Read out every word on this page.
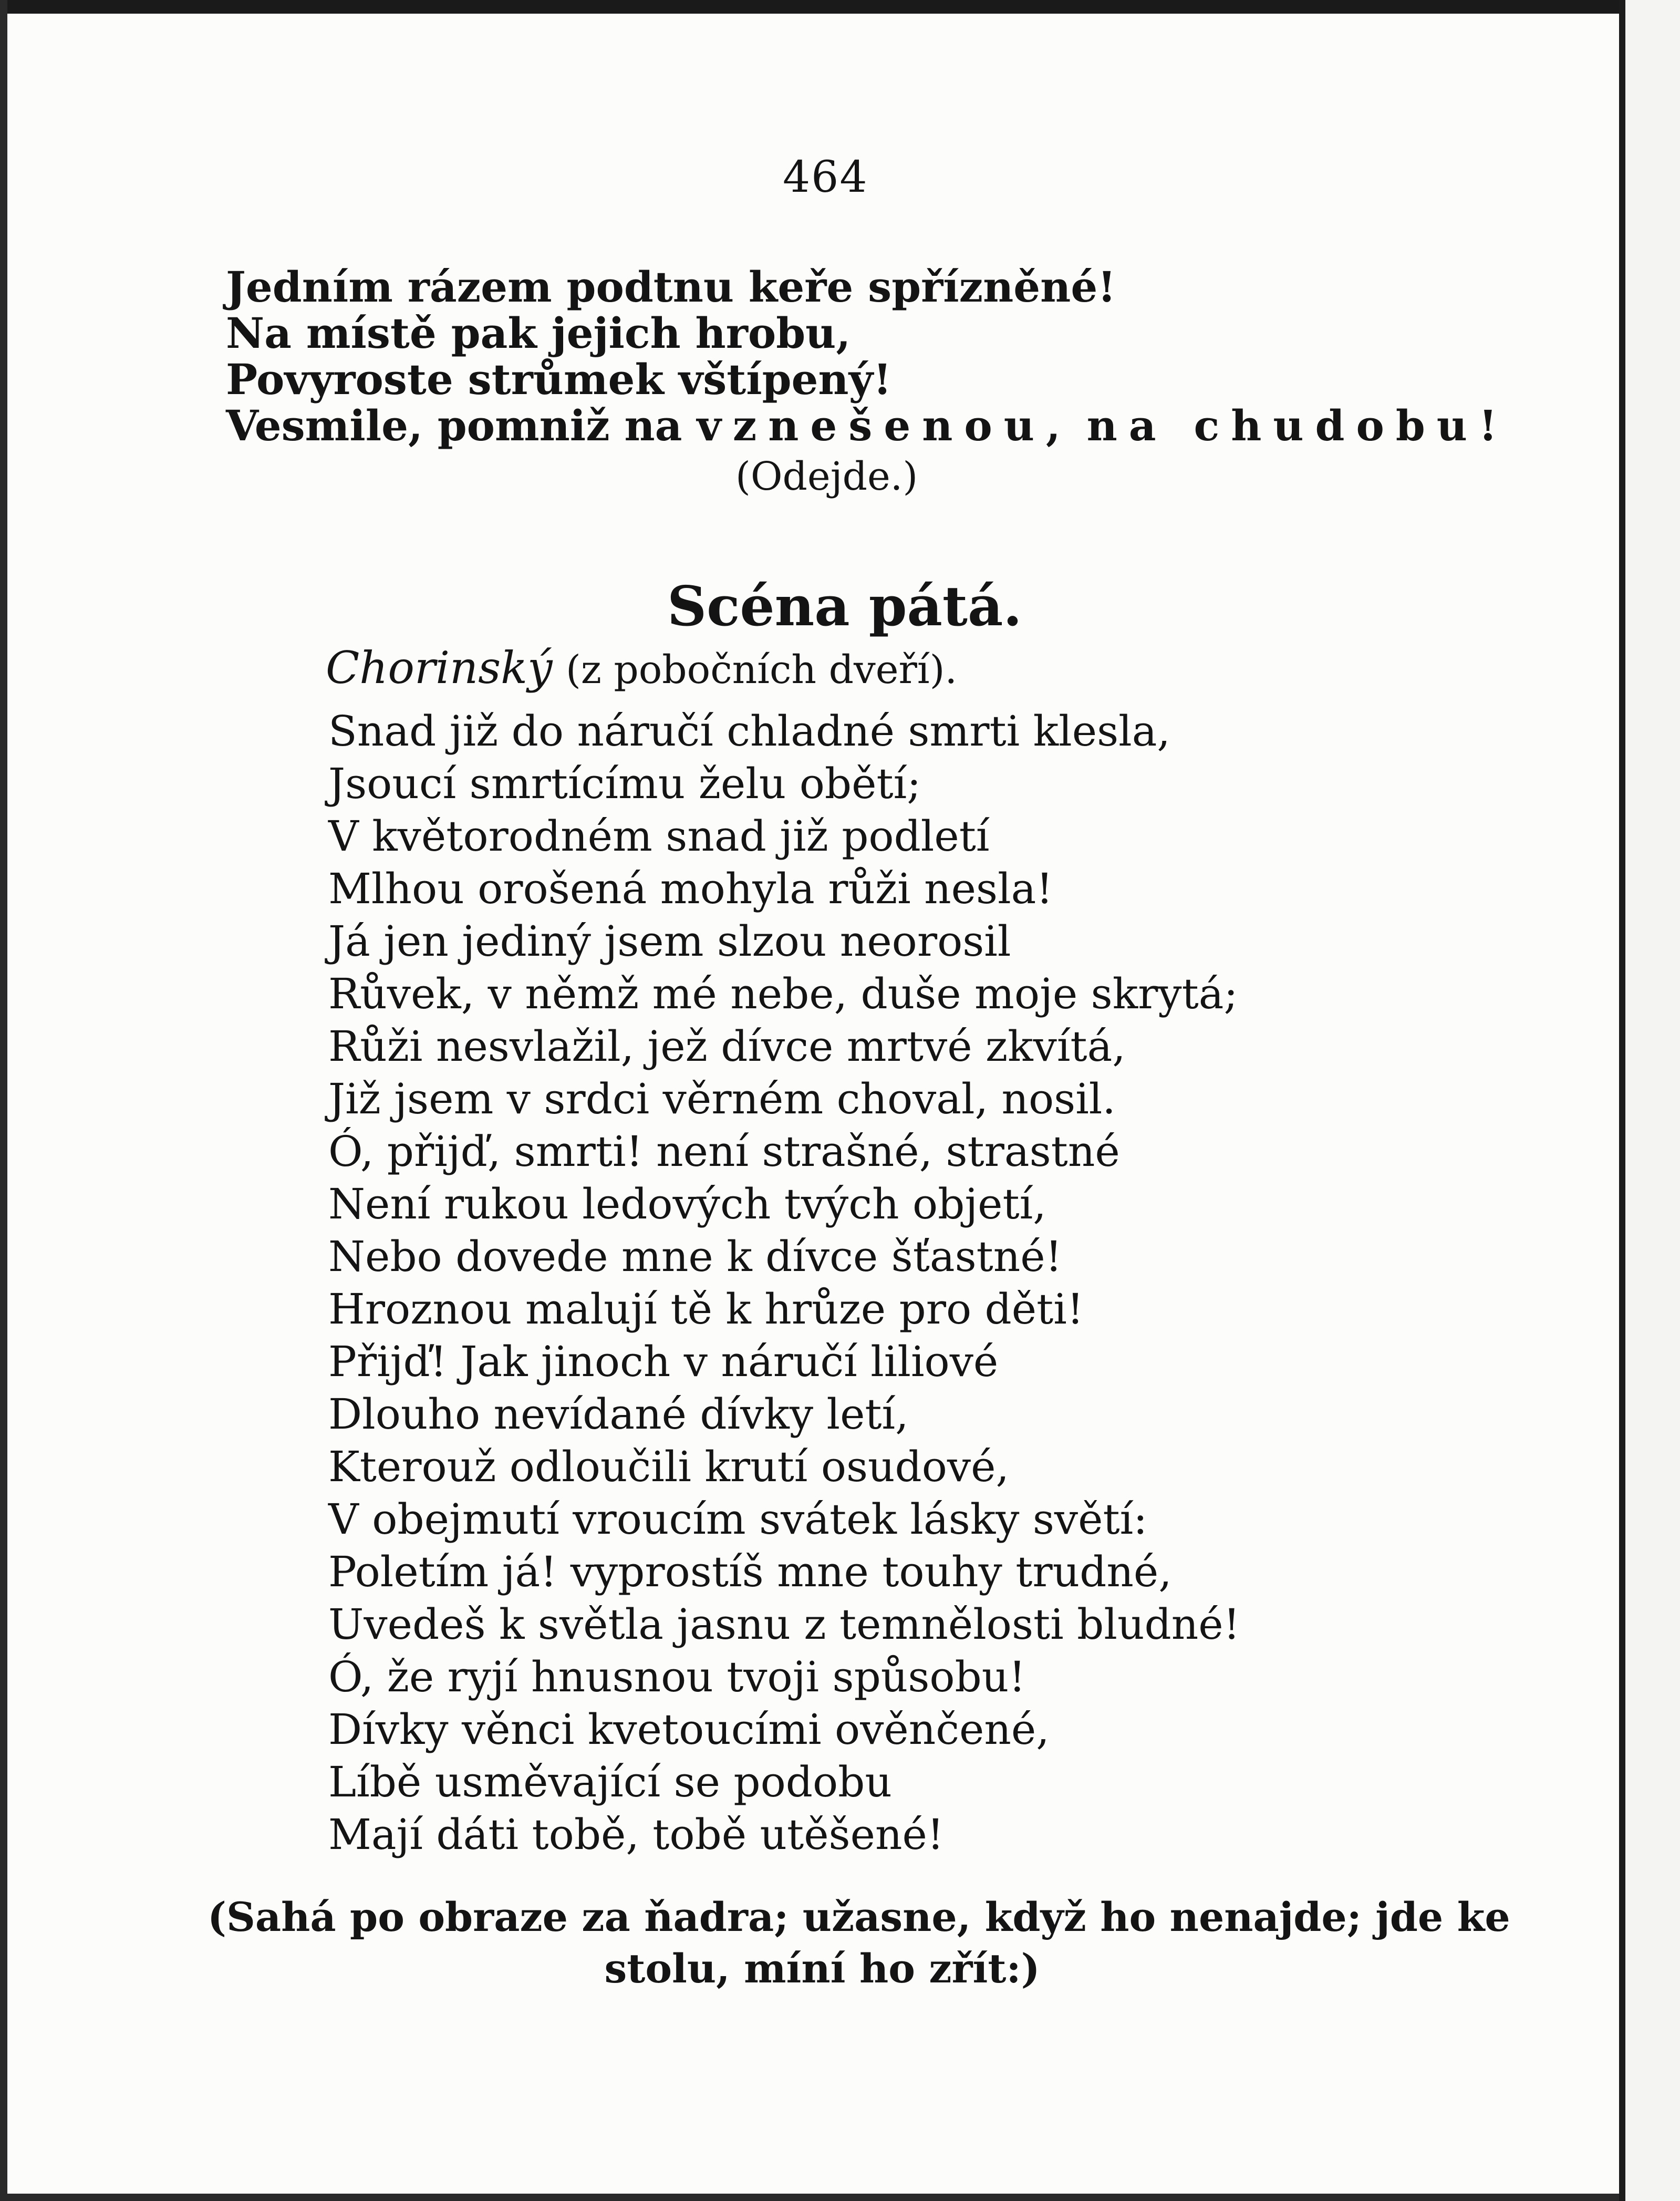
464
Jedním rázem podtnu keře spřízněné!
Na místě pak jejich hrobu,
Povyroste strůmek vštípený!
Vesmile, pomniž na vznešenou, na chudobu!
(Odejde.)
Scéna pátá.
Chorinský (z pobočních dveří).
Snad již do náručí chladné smrti klesla,
Jsoucí smrtícímu želu obětí;
V květorodném snad již podletí
Mlhou orošená mohyla růži nesla!
Já jen jediný jsem slzou neorosil
Růvek, v němž mé nebe, duše moje skrytá;
Růži nesvlažil, jež dívce mrtvé zkvítá,
Již jsem v srdci věrném choval, nosil.
Ó, přijď, smrti! není strašné, strastné
Není rukou ledových tvých objetí,
Nebo dovede mne k dívce šťastné!
Hroznou malují tě k hrůze pro děti!
Přijď! Jak jinoch v náručí liliové
Dlouho nevídané dívky letí,
Kterouž odloučili krutí osudové,
V obejmutí vroucím svátek lásky světí:
Poletím já! vyprostíš mne touhy trudné,
Uvedeš k světla jasnu z temnělosti bludné!
Ó, že ryjí hnusnou tvoji spůsobu!
Dívky věnci kvetoucími ověnčené,
Líbě usměvající se podobu
Mají dáti tobě, tobě utěšené!
(Sahá po obraze za ňadra; užasne, když ho nenajde; jde ke
stolu, míní ho zřít:)
